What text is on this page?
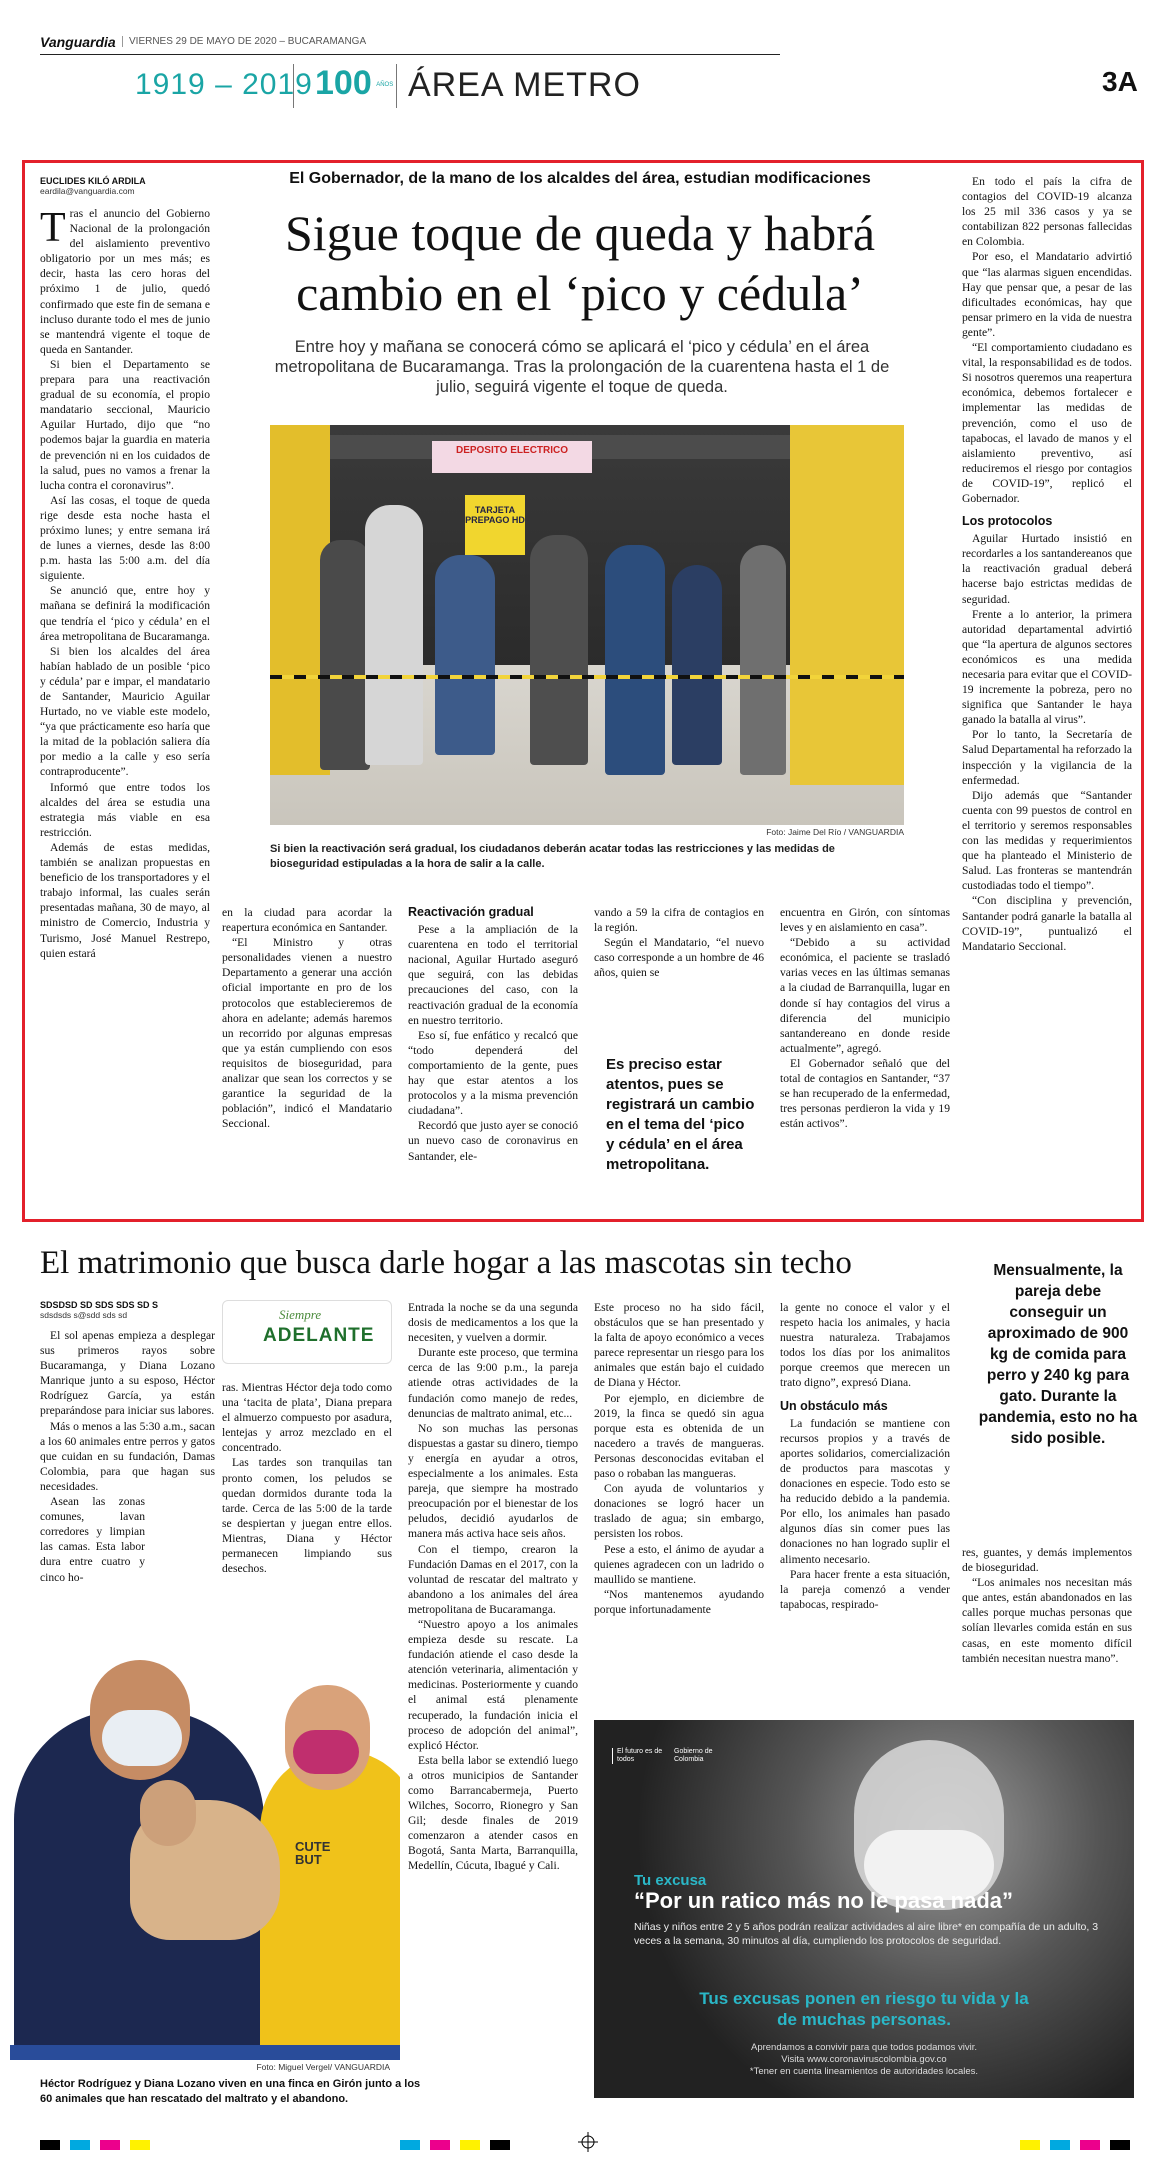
Vanguardia	VIERNES 29 DE MAYO DE 2020 – BUCARAMANGA
1919 – 2019 100 $^{AÑOS}$ ÁREA METRO	3A
EUCLIDES KILÓ ARDILA
eardila@vanguardia.com
El Gobernador, de la mano de los alcaldes del área, estudian modificaciones
Sigue toque de queda y habrá
cambio en el ‘pico y cédula’
Entre hoy y mañana se conocerá cómo se aplicará el ‘pico y cédula’ en el área metropolitana de Bucaramanga. Tras la prolongación de la cuarentena hasta el 1 de julio, seguirá vigente el toque de queda.
DEPOSITO ELECTRICO
TARJETA PREPAGO HD
Foto: Jaime Del Río / VANGUARDIA
Si bien la reactivación será gradual, los ciudadanos deberán acatar todas las restricciones y las medidas de bioseguridad estipuladas a la hora de salir a la calle.
T ras el anuncio del Gobierno Nacional de la prolongación del aislamiento preventivo obligatorio por un mes más; es decir, hasta las cero horas del próximo 1 de julio, quedó confirmado que este fin de semana e incluso durante todo el mes de junio se mantendrá vigente el toque de queda en Santander.

Si bien el Departamento se prepara para una reactivación gradual de su economía, el propio mandatario seccional, Mauricio Aguilar Hurtado, dijo que “no podemos bajar la guardia en materia de prevención ni en los cuidados de la salud, pues no vamos a frenar la lucha contra el coronavirus”.

Así las cosas, el toque de queda rige desde esta noche hasta el próximo lunes; y entre semana irá de lunes a viernes, desde las 8:00 p.m. hasta las 5:00 a.m. del día siguiente.

Se anunció que, entre hoy y mañana se definirá la modificación que tendría el ‘pico y cédula’ en el área metropolitana de Bucaramanga.

Si bien los alcaldes del área habían hablado de un posible ‘pico y cédula’ par e impar, el mandatario de Santander, Mauricio Aguilar Hurtado, no ve viable este modelo, “ya que prácticamente eso haría que la mitad de la población saliera día por medio a la calle y eso sería contraproducente”.

Informó que entre todos los alcaldes del área se estudia una estrategia más viable en esa restricción.

Además de estas medidas, también se analizan propuestas en beneficio de los transportadores y el trabajo informal, las cuales serán presentadas mañana, 30 de mayo, al ministro de Comercio, Industria y Turismo, José Manuel Restrepo, quien estará

en la ciudad para acordar la reapertura económica en Santander.

“El Ministro y otras personalidades vienen a nuestro Departamento a generar una acción oficial importante en pro de los protocolos que establecieremos de ahora en adelante; además haremos un recorrido por algunas empresas que ya están cumpliendo con esos requisitos de bioseguridad, para analizar que sean los correctos y se garantice la seguridad de la población”, indicó el Mandatario Seccional.

Reactivación gradual

Pese a la ampliación de la cuarentena en todo el territorial nacional, Aguilar Hurtado aseguró que seguirá, con las debidas precauciones del caso, con la reactivación gradual de la economía en nuestro territorio.

Eso sí, fue enfático y recalcó que “todo dependerá del comportamiento de la gente, pues hay que estar atentos a los protocolos y a la misma prevención ciudadana”.

Recordó que justo ayer se conoció un nuevo caso de coronavirus en Santander, ele-

vando a 59 la cifra de contagios en la región.

Según el Mandatario, “el nuevo caso corresponde a un hombre de 46 años, quien se

Es preciso estar atentos, pues se registrará un cambio en el tema del ‘pico y cédula’ en el área metropolitana.

encuentra en Girón, con síntomas leves y en aislamiento en casa”.

“Debido a su actividad económica, el paciente se trasladó varias veces en las últimas semanas a la ciudad de Barranquilla, lugar en donde sí hay contagios del virus a diferencia del municipio santandereano en donde reside actualmente”, agregó.

El Gobernador señaló que del total de contagios en Santander, “37 se han recuperado de la enfermedad, tres personas perdieron la vida y 19 están activos”.

En todo el país la cifra de contagios del COVID-19 alcanza los 25 mil 336 casos y ya se contabilizan 822 personas fallecidas en Colombia.

Por eso, el Mandatario advirtió que “las alarmas siguen encendidas. Hay que pensar que, a pesar de las dificultades económicas, hay que pensar primero en la vida de nuestra gente”.

“El comportamiento ciudadano es vital, la responsabilidad es de todos. Si nosotros queremos una reapertura económica, debemos fortalecer e implementar las medidas de prevención, como el uso de tapabocas, el lavado de manos y el aislamiento preventivo, así reduciremos el riesgo por contagios de COVID-19”, replicó el Gobernador.

Los protocolos

Aguilar Hurtado insistió en recordarles a los santandereanos que la reactivación gradual deberá hacerse bajo estrictas medidas de seguridad.

Frente a lo anterior, la primera autoridad departamental advirtió que “la apertura de algunos sectores económicos es una medida necesaria para evitar que el COVID-19 incremente la pobreza, pero no significa que Santander le haya ganado la batalla al virus”.

Por lo tanto, la Secretaría de Salud Departamental ha reforzado la inspección y la vigilancia de la enfermedad.

Dijo además que “Santander cuenta con 99 puestos de control en el territorio y seremos responsables con las medidas y requerimientos que ha planteado el Ministerio de Salud. Las fronteras se mantendrán custodiadas todo el tiempo”.

“Con disciplina y prevención, Santander podrá ganarle la batalla al COVID-19”, puntualizó el Mandatario Seccional.

El matrimonio que busca darle hogar a las mascotas sin techo	Mensualmente, la pareja debe conseguir un aproximado de 900 kg de comida para perro y 240 kg para gato. Durante la pandemia, esto no ha sido posible.
SDSDSD SD SDS SDS SD S
sdsdsds s@sdd sds sd

El sol apenas empieza a desplegar sus primeros rayos sobre Bucaramanga, y Diana Lozano Manrique junto a su esposo, Héctor Rodríguez García, ya están preparándose para iniciar sus labores.

Más o menos a las 5:30 a.m., sacan a los 60 animales entre perros y gatos que cuidan en su fundación, Damas Colombia, para que hagan sus necesidades.

Asean las zonas comunes, lavan corredores y limpian las camas. Esta labor dura entre cuatro y cinco ho-

Siempre
ADELANTE

ras. Mientras Héctor deja todo como una ‘tacita de plata’, Diana prepara el almuerzo compuesto por asadura, lentejas y arroz mezclado en el concentrado.

Las tardes son tranquilas tan pronto comen, los peludos se quedan dormidos durante toda la tarde. Cerca de las 5:00 de la tarde se despiertan y juegan entre ellos. Mientras, Diana y Héctor permanecen limpiando sus desechos.

Entrada la noche se da una segunda dosis de medicamentos a los que la necesiten, y vuelven a dormir.

Durante este proceso, que termina cerca de las 9:00 p.m., la pareja atiende otras actividades de la fundación como manejo de redes, denuncias de maltrato animal, etc...

No son muchas las personas dispuestas a gastar su dinero, tiempo y energía en ayudar a otros, especialmente a los animales. Esta pareja, que siempre ha mostrado preocupación por el bienestar de los peludos, decidió ayudarlos de manera más activa hace seis años.

Con el tiempo, crearon la Fundación Damas en el 2017, con la voluntad de rescatar del maltrato y abandono a los animales del área metropolitana de Bucaramanga.

“Nuestro apoyo a los animales empieza desde su rescate. La fundación atiende el caso desde la atención veterinaria, alimentación y medicinas. Posteriormente y cuando el animal está plenamente recuperado, la fundación inicia el proceso de adopción del animal”, explicó Héctor.

Esta bella labor se extendió luego a otros municipios de Santander como Barrancabermeja, Puerto Wilches, Socorro, Rionegro y San Gil; desde finales de 2019 comenzaron a atender casos en Bogotá, Santa Marta, Barranquilla, Medellín, Cúcuta, Ibagué y Cali.

Este proceso no ha sido fácil, obstáculos que se han presentado y la falta de apoyo económico a veces parece representar un riesgo para los animales que están bajo el cuidado de Diana y Héctor.

Por ejemplo, en diciembre de 2019, la finca se quedó sin agua porque esta es obtenida de un nacedero a través de mangueras. Personas desconocidas evitaban el paso o robaban las mangueras.

Con ayuda de voluntarios y donaciones se logró hacer un traslado de agua; sin embargo, persisten los robos.

Pese a esto, el ánimo de ayudar a quienes agradecen con un ladrido o maullido se mantiene.

“Nos mantenemos ayudando porque infortunadamente

la gente no conoce el valor y el respeto hacia los animales, y hacia nuestra naturaleza. Trabajamos todos los días por los animalitos porque creemos que merecen un trato digno”, expresó Diana.

Un obstáculo más

La fundación se mantiene con recursos propios y a través de aportes solidarios, comercialización de productos para mascotas y donaciones en especie. Todo esto se ha reducido debido a la pandemia. Por ello, los animales han pasado algunos días sin comer pues las donaciones no han logrado suplir el alimento necesario.

Para hacer frente a esta situación, la pareja comenzó a vender tapabocas, respirado-

res, guantes, y demás implementos de bioseguridad.

“Los animales nos necesitan más que antes, están abandonados en las calles porque muchas personas que solían llevarles comida están en sus casas, en este momento difícil también necesitan nuestra mano”.

CUTE BUT
Foto: Miguel Vergel/ VANGUARDIA
Héctor Rodríguez y Diana Lozano viven en una finca en Girón junto a los 60 animales que han rescatado del maltrato y el abandono.
El futuro es de todos
Gobierno de Colombia
Tu excusa
“Por un ratico más no le pasa nada”
Niñas y niños entre 2 y 5 años podrán realizar actividades al aire libre* en compañía de un adulto, 3 veces a la semana, 30 minutos al día, cumpliendo los protocolos de seguridad.
Tus excusas ponen en riesgo tu vida y la de muchas personas.
Aprendamos a convivir para que todos podamos vivir.
Visita www.coronaviruscolombia.gov.co
*Tener en cuenta lineamientos de autoridades locales.
